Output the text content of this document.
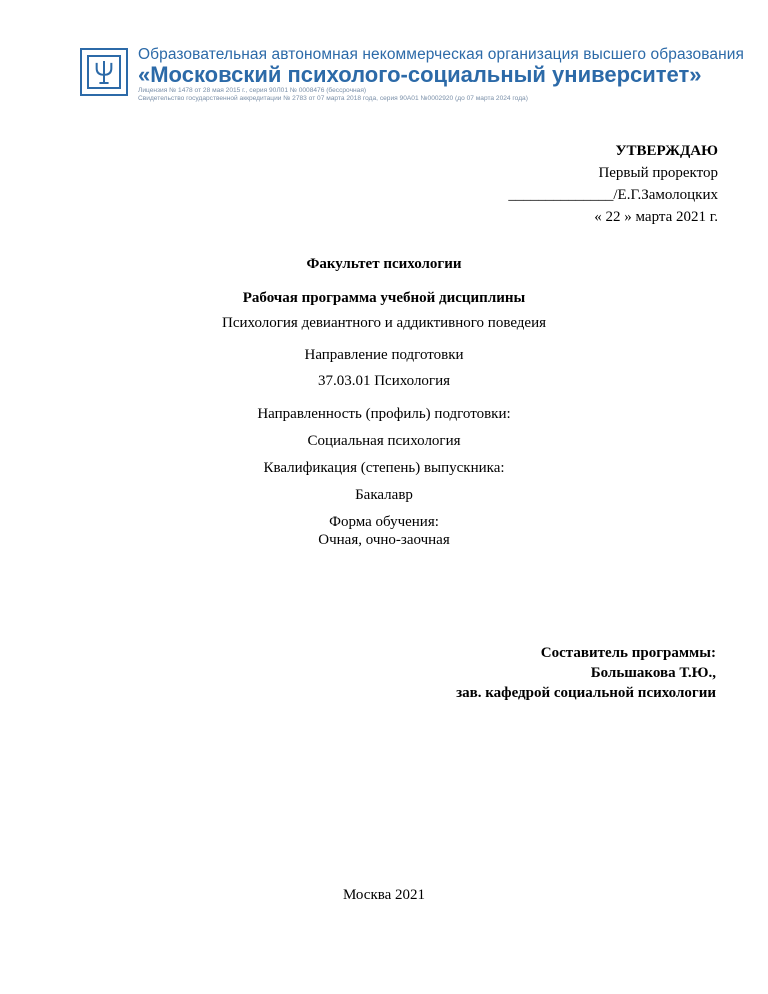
Образовательная автономная некоммерческая организация высшего образования
«Московский психолого-социальный университет»
Лицензия № 1478 от 28 мая 2015 г., серия 90Л01 № 0008476 (бессрочная)
Свидетельство государственной аккредитации № 2783 от 07 марта 2018 года, серия 90А01 №0002920 (до 07 марта 2024 года)
УТВЕРЖДАЮ
Первый проректор
______________/Е.Г.Замолоцких
« 22 » марта 2021 г.
Факультет психологии
Рабочая программа учебной дисциплины
Психология девиантного и аддиктивного поведеия
Направление подготовки
37.03.01 Психология
Направленность (профиль) подготовки:
Социальная психология
Квалификация (степень) выпускника:
Бакалавр
Форма обучения:
Очная, очно-заочная
Составитель программы:
Большакова Т.Ю.,
зав. кафедрой социальной психологии
Москва 2021
